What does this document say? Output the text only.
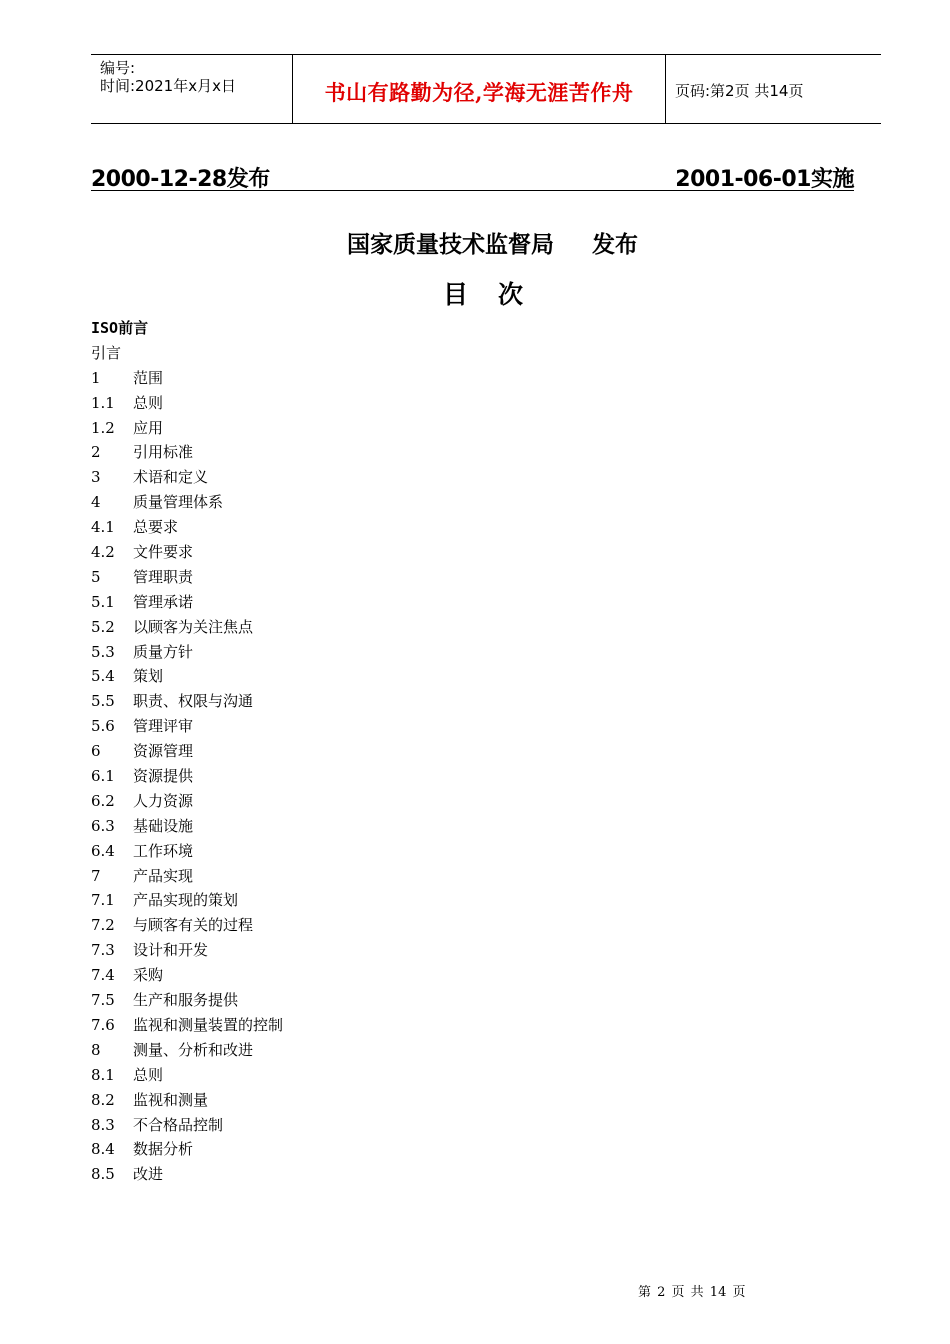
编号:
时间:2021年x月x日	书山有路勤为径,学海无涯苦作舟	页码:第2页 共14页
2000-12-28发布	2001-06-01实施
国家质量技术监督局 发布
目次
ISO前言
引言
1 范围
1.1 总则
1.2 应用
2 引用标准
3 术语和定义
4 质量管理体系
4.1 总要求
4.2 文件要求
5 管理职责
5.1 管理承诺
5.2 以顾客为关注焦点
5.3 质量方针
5.4 策划
5.5 职责、权限与沟通
5.6 管理评审
6 资源管理
6.1 资源提供
6.2 人力资源
6.3 基础设施
6.4 工作环境
7 产品实现
7.1 产品实现的策划
7.2 与顾客有关的过程
7.3 设计和开发
7.4 采购
7.5 生产和服务提供
7.6 监视和测量装置的控制
8 测量、分析和改进
8.1 总则
8.2 监视和测量
8.3 不合格品控制
8.4 数据分析
8.5 改进
第 2 页 共 14 页
